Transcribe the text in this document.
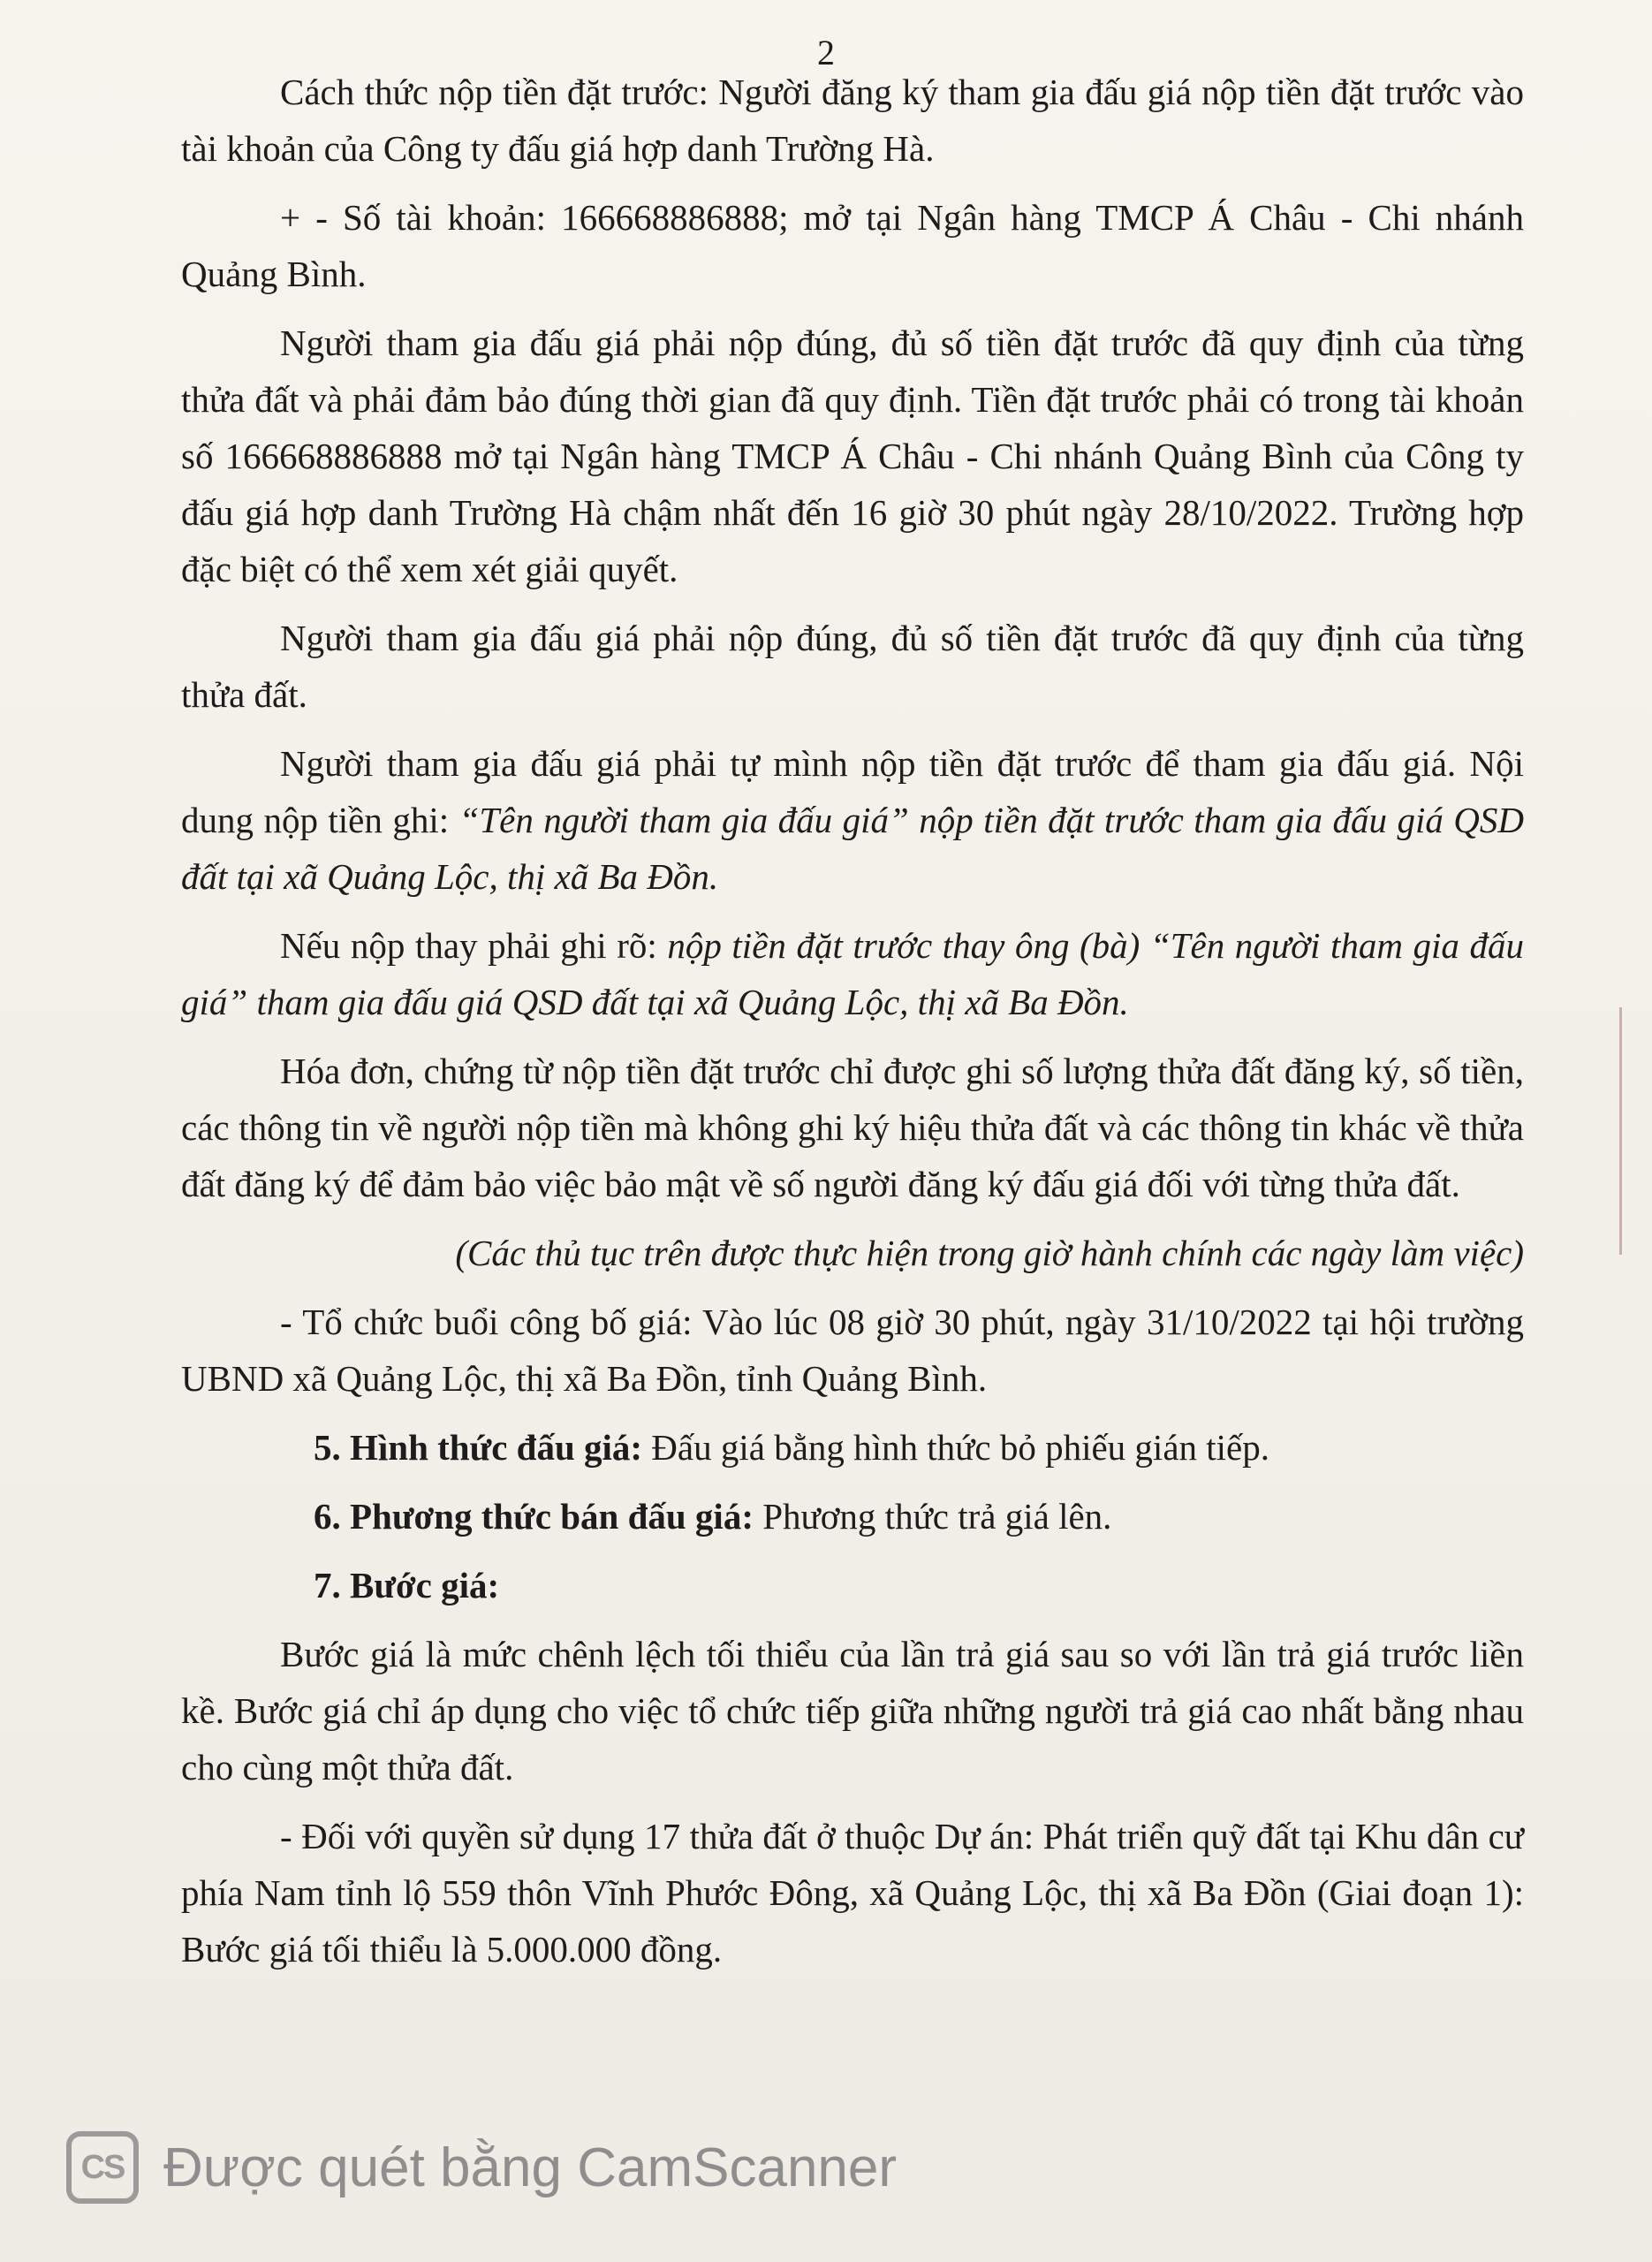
2

Cách thức nộp tiền đặt trước: Người đăng ký tham gia đấu giá nộp tiền đặt trước vào tài khoản của Công ty đấu giá hợp danh Trường Hà.

+ - Số tài khoản: 166668886888; mở tại Ngân hàng TMCP Á Châu - Chi nhánh Quảng Bình.

Người tham gia đấu giá phải nộp đúng, đủ số tiền đặt trước đã quy định của từng thửa đất và phải đảm bảo đúng thời gian đã quy định. Tiền đặt trước phải có trong tài khoản số 166668886888 mở tại Ngân hàng TMCP Á Châu - Chi nhánh Quảng Bình của Công ty đấu giá hợp danh Trường Hà chậm nhất đến 16 giờ 30 phút ngày 28/10/2022. Trường hợp đặc biệt có thể xem xét giải quyết.

Người tham gia đấu giá phải nộp đúng, đủ số tiền đặt trước đã quy định của từng thửa đất.

Người tham gia đấu giá phải tự mình nộp tiền đặt trước để tham gia đấu giá. Nội dung nộp tiền ghi: “Tên người tham gia đấu giá” nộp tiền đặt trước tham gia đấu giá QSD đất tại xã Quảng Lộc, thị xã Ba Đồn.

Nếu nộp thay phải ghi rõ: nộp tiền đặt trước thay ông (bà) “Tên người tham gia đấu giá” tham gia đấu giá QSD đất tại xã Quảng Lộc, thị xã Ba Đồn.

Hóa đơn, chứng từ nộp tiền đặt trước chỉ được ghi số lượng thửa đất đăng ký, số tiền, các thông tin về người nộp tiền mà không ghi ký hiệu thửa đất và các thông tin khác về thửa đất đăng ký để đảm bảo việc bảo mật về số người đăng ký đấu giá đối với từng thửa đất.

(Các thủ tục trên được thực hiện trong giờ hành chính các ngày làm việc)

- Tổ chức buổi công bố giá: Vào lúc 08 giờ 30 phút, ngày 31/10/2022 tại hội trường UBND xã Quảng Lộc, thị xã Ba Đồn, tỉnh Quảng Bình.

5. Hình thức đấu giá: Đấu giá bằng hình thức bỏ phiếu gián tiếp.

6. Phương thức bán đấu giá: Phương thức trả giá lên.

7. Bước giá:

Bước giá là mức chênh lệch tối thiểu của lần trả giá sau so với lần trả giá trước liền kề. Bước giá chỉ áp dụng cho việc tổ chức tiếp giữa những người trả giá cao nhất bằng nhau cho cùng một thửa đất.

- Đối với quyền sử dụng 17 thửa đất ở thuộc Dự án: Phát triển quỹ đất tại Khu dân cư phía Nam tỉnh lộ 559 thôn Vĩnh Phước Đông, xã Quảng Lộc, thị xã Ba Đồn (Giai đoạn 1): Bước giá tối thiểu là 5.000.000 đồng.

CS Được quét bằng CamScanner
